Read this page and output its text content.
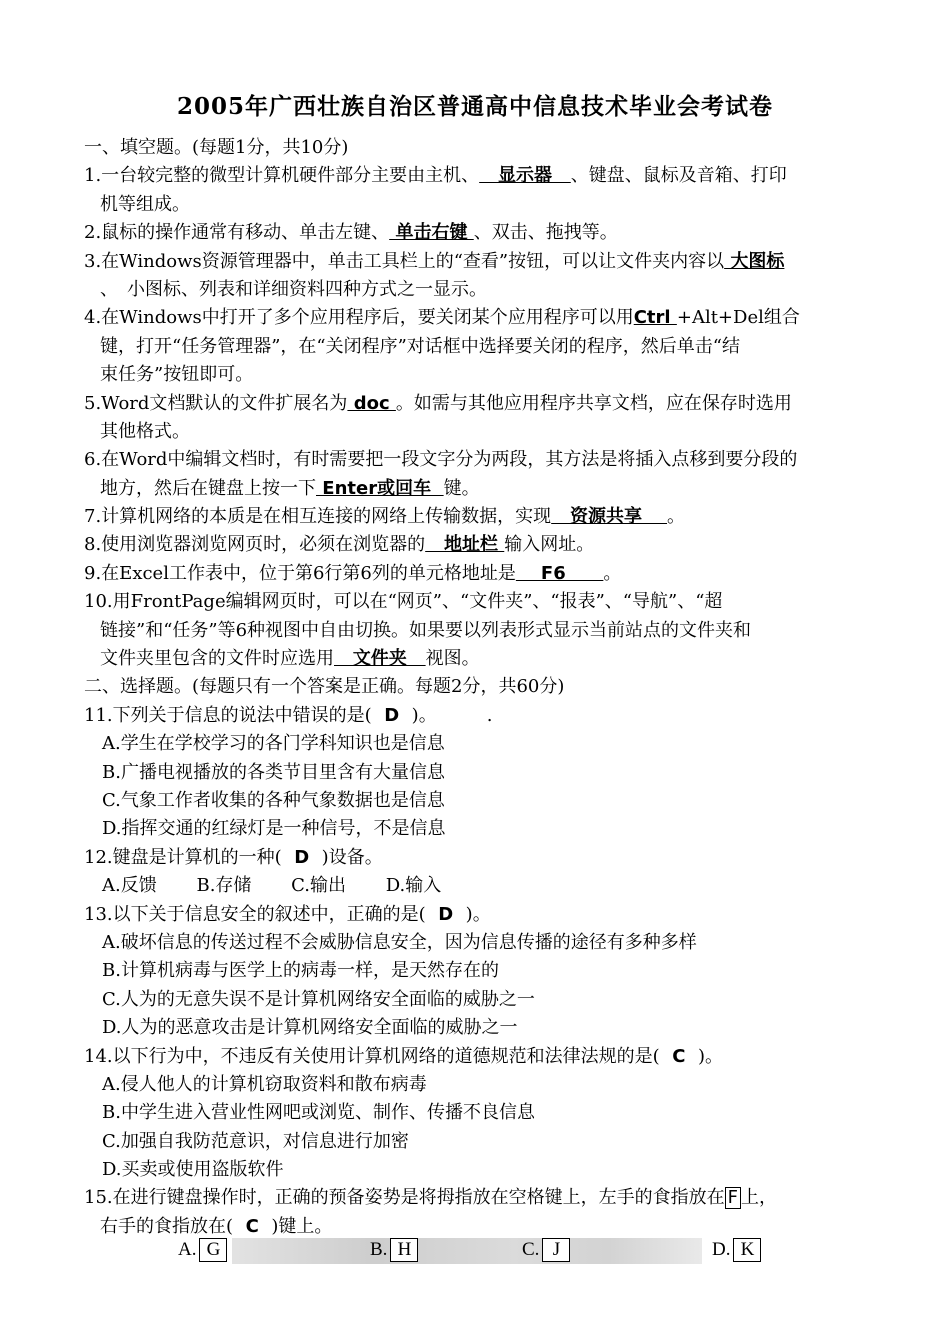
2005年广西壮族自治区普通高中信息技术毕业会考试卷
一、填空题。(每题1分，共10分)
1.一台较完整的微型计算机硬件部分主要由主机、   显示器   、键盘、鼠标及音箱、打印
机等组成。
2.鼠标的操作通常有移动、单击左键、 单击右键 、双击、拖拽等。
3.在Windows资源管理器中，单击工具栏上的“查看”按钮，可以让文件夹内容以 大图标
、　小图标、列表和详细资料四种方式之一显示。
4.在Windows中打开了多个应用程序后，要关闭某个应用程序可以用Ctrl +Alt+Del组合
键，打开“任务管理器”，在“关闭程序”对话框中选择要关闭的程序，然后单击“结
束任务”按钮即可。
5.Word文档默认的文件扩展名为 doc 。如需与其他应用程序共享文档，应在保存时选用
其他格式。
6.在Word中编辑文档时，有时需要把一段文字分为两段，其方法是将插入点移到要分段的
地方，然后在键盘上按一下 Enter或回车  键。
7.计算机网络的本质是在相互连接的网络上传输数据，实现   资源共享    。
8.使用浏览器浏览网页时，必须在浏览器的   地址栏 输入网址。
9.在Excel工作表中，位于第6行第6列的单元格地址是    F6      。
10.用FrontPage编辑网页时，可以在“网页”、“文件夹”、“报表”、“导航”、“超
链接”和“任务”等6种视图中自由切换。如果要以列表形式显示当前站点的文件夹和
文件夹里包含的文件时应选用   文件夹   视图。
二、选择题。(每题只有一个答案是正确。每题2分，共60分)
11.下列关于信息的说法中错误的是(  D  )。	.
A.学生在学校学习的各门学科知识也是信息
B.广播电视播放的各类节目里含有大量信息
C.气象工作者收集的各种气象数据也是信息
D.指挥交通的红绿灯是一种信号，不是信息
12.键盘是计算机的一种(  D  )设备。
A.反馈 B.存储 C.输出 D.输入
13.以下关于信息安全的叙述中，正确的是(  D  )。
A.破坏信息的传送过程不会威胁信息安全，因为信息传播的途径有多种多样
B.计算机病毒与医学上的病毒一样，是天然存在的
C.人为的无意失误不是计算机网络安全面临的威胁之一
D.人为的恶意攻击是计算机网络安全面临的威胁之一
14.以下行为中，不违反有关使用计算机网络的道德规范和法律法规的是(  C  )。
A.侵人他人的计算机窃取资料和散布病毒
B.中学生进入营业性网吧或浏览、制作、传播不良信息
C.加强自我防范意识，对信息进行加密
D.买卖或使用盗版软件
15.在进行键盘操作时，正确的预备姿势是将拇指放在空格键上，左手的食指放在 F 上，
右手的食指放在(  C  )键上。
A. G	B. H	C. J	D. K
